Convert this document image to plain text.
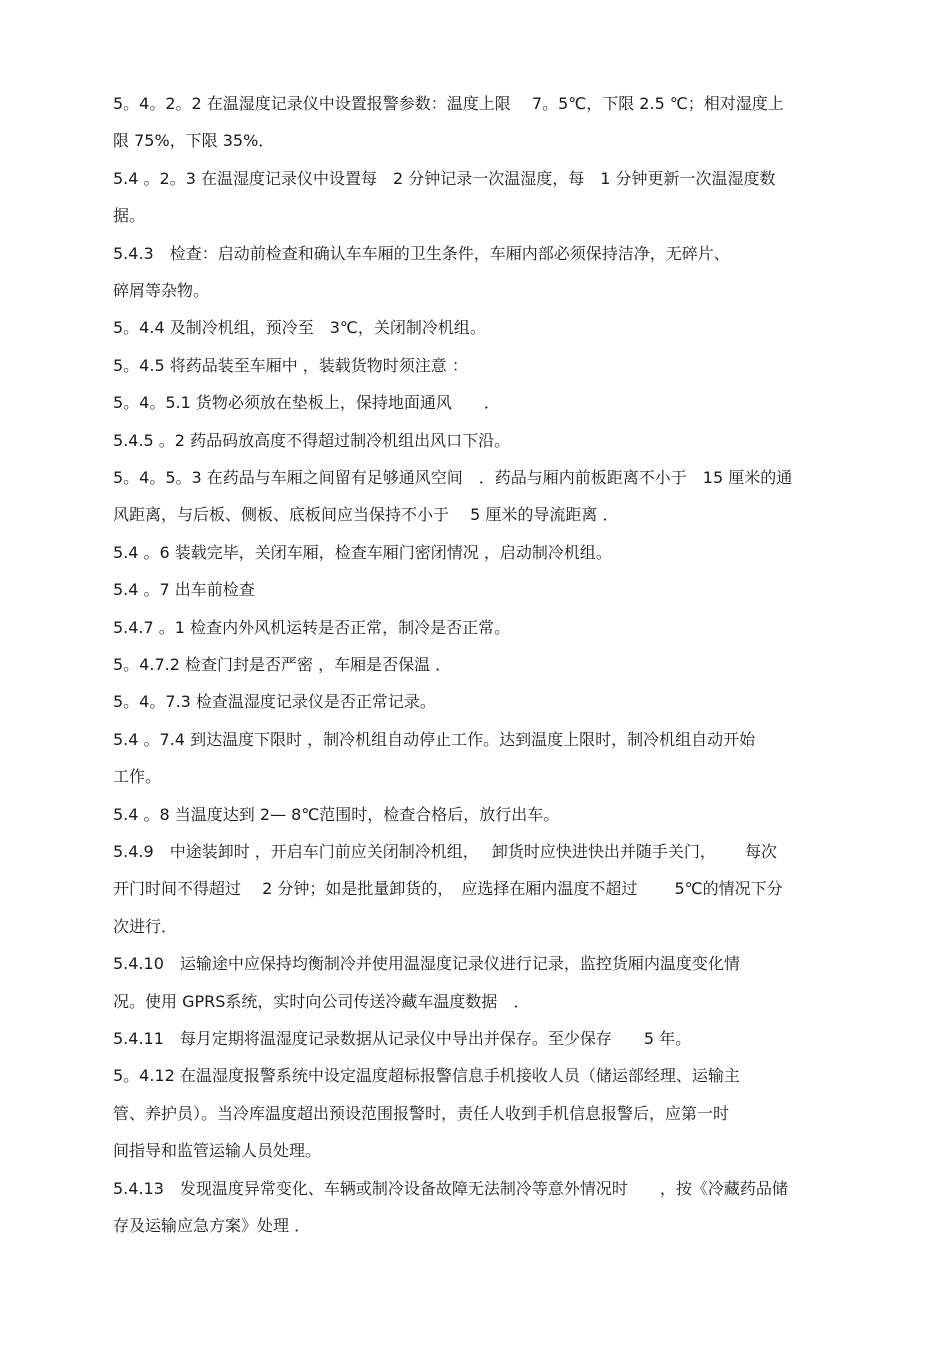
5。4。2。2 在温湿度记录仪中设置报警参数：温度上限　 7。5℃，下限 2.5 ℃；相对湿度上
限 75%，下限 35%．
5.4 。2。3 在温湿度记录仪中设置每　2 分钟记录一次温湿度，每　1 分钟更新一次温湿度数
据。
5.4.3　检查：启动前检查和确认车车厢的卫生条件，车厢内部必须保持洁净，无碎片、
碎屑等杂物。
5。4.4 及制冷机组，预冷至　3℃，关闭制冷机组。
5。4.5 将药品装至车厢中 ，装载货物时须注意 ：
5。4。5.1 货物必须放在垫板上，保持地面通风　　．
5.4.5 。2 药品码放高度不得超过制冷机组出风口下沿。
5。4。5。3 在药品与车厢之间留有足够通风空间　．药品与厢内前板距离不小于　15 厘米的通
风距离，与后板、侧板、底板间应当保持不小于　 5 厘米的导流距离 ．
5.4 。6 装载完毕，关闭车厢，检查车厢门密闭情况 ，启动制冷机组。
5.4 。7 出车前检查
5.4.7 。1 检查内外风机运转是否正常，制冷是否正常。
5。4.7.2 检查门封是否严密 ，车厢是否保温 ．
5。4。7.3 检查温湿度记录仪是否正常记录。
5.4 。7.4 到达温度下限时 ，制冷机组自动停止工作。达到温度上限时，制冷机组自动开始
工作。
5.4 。8 当温度达到 2— 8℃范围时，检查合格后，放行出车。
5.4.9　中途装卸时 ，开启车门前应关闭制冷机组，　 卸货时应快进快出并随手关门，　　 每次
开门时间不得超过　 2 分钟；如是批量卸货的，　应选择在厢内温度不超过　　 5℃的情况下分
次进行．
5.4.10　运输途中应保持均衡制冷并使用温湿度记录仪进行记录，监控货厢内温度变化情
况。使用 GPRS系统，实时向公司传送冷藏车温度数据　．
5.4.11　每月定期将温湿度记录数据从记录仪中导出并保存。至少保存　　5 年。
5。4.12 在温湿度报警系统中设定温度超标报警信息手机接收人员（储运部经理、运输主
管、养护员）。当冷库温度超出预设范围报警时，责任人收到手机信息报警后，应第一时
间指导和监管运输人员处理。
5.4.13　发现温度异常变化、车辆或制冷设备故障无法制冷等意外情况时　　，按《冷藏药品储
存及运输应急方案》处理 ．
